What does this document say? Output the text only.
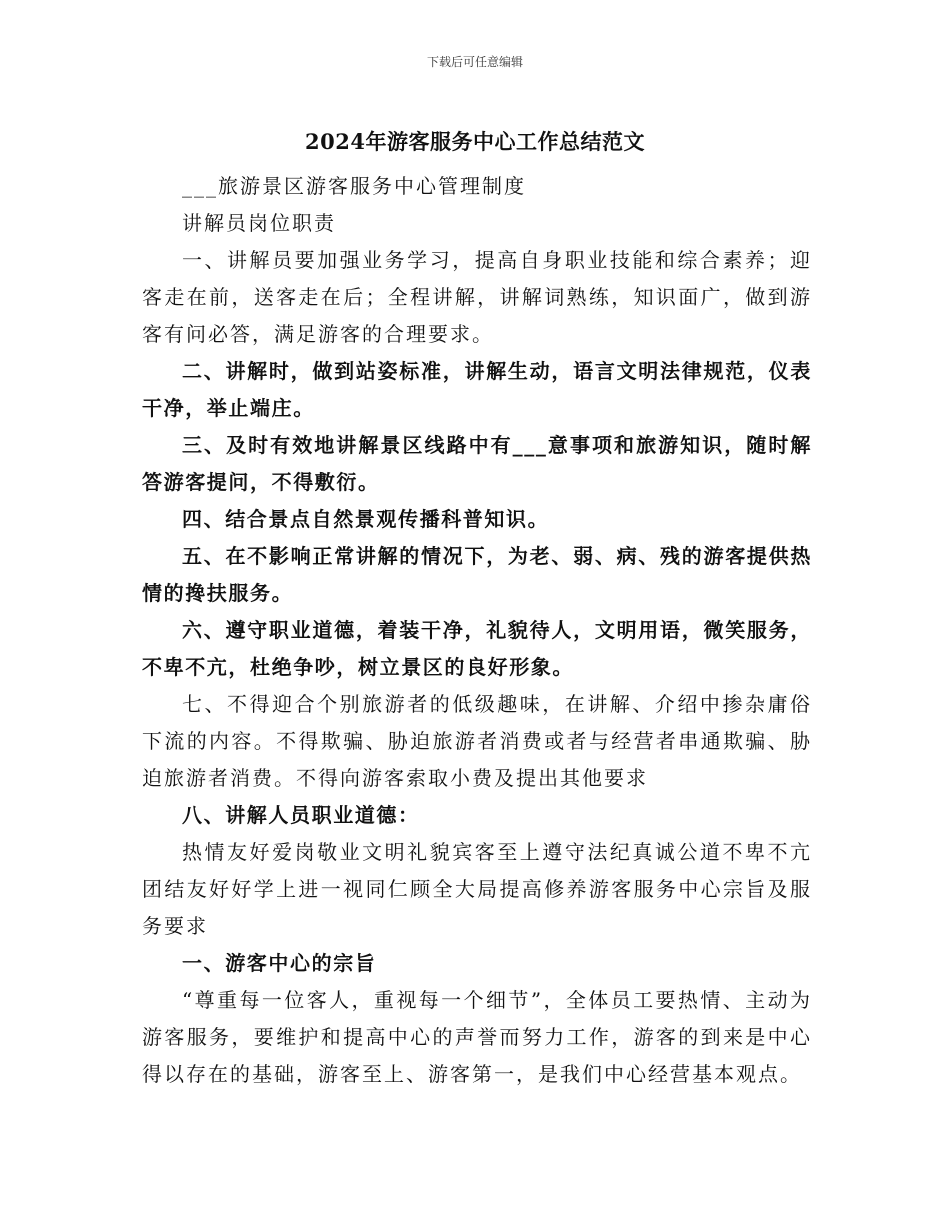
下载后可任意编辑
2024年游客服务中心工作总结范文

___旅游景区游客服务中心管理制度

讲解员岗位职责

一、讲解员要加强业务学习，提高自身职业技能和综合素养；迎客走在前，送客走在后；全程讲解，讲解词熟练，知识面广，做到游客有问必答，满足游客的合理要求。

二、讲解时，做到站姿标准，讲解生动，语言文明法律规范，仪表干净，举止端庄。

三、及时有效地讲解景区线路中有___意事项和旅游知识，随时解答游客提问，不得敷衍。

四、结合景点自然景观传播科普知识。

五、在不影响正常讲解的情况下，为老、弱、病、残的游客提供热情的搀扶服务。

六、遵守职业道德，着装干净，礼貌待人，文明用语，微笑服务，不卑不亢，杜绝争吵，树立景区的良好形象。

七、不得迎合个别旅游者的低级趣味，在讲解、介绍中掺杂庸俗下流的内容。不得欺骗、胁迫旅游者消费或者与经营者串通欺骗、胁迫旅游者消费。不得向游客索取小费及提出其他要求

八、讲解人员职业道德：

热情友好爱岗敬业文明礼貌宾客至上遵守法纪真诚公道不卑不亢团结友好好学上进一视同仁顾全大局提高修养游客服务中心宗旨及服务要求

一、游客中心的宗旨

“尊重每一位客人，重视每一个细节”，全体员工要热情、主动为游客服务，要维护和提高中心的声誉而努力工作，游客的到来是中心得以存在的基础，游客至上、游客第一，是我们中心经营基本观点。
